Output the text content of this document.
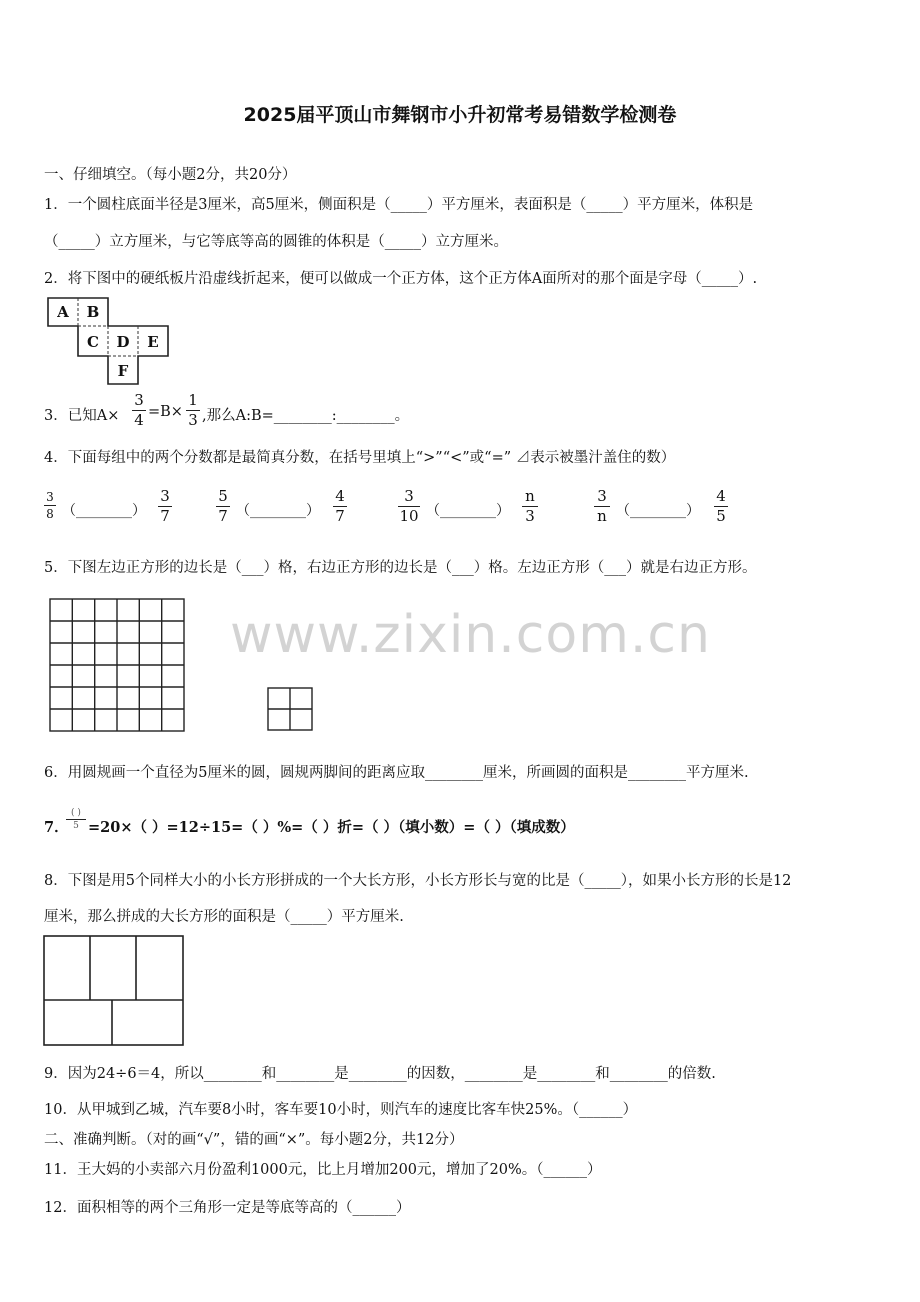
2025届平顶山市舞钢市小升初常考易错数学检测卷
一、仔细填空。（每小题2分，共20分）
1．一个圆柱底面半径是3厘米，高5厘米，侧面积是（_____）平方厘米，表面积是（_____）平方厘米，体积是
（_____）立方厘米，与它等底等高的圆锥的体积是（_____）立方厘米。
2．将下图中的硬纸板片沿虚线折起来，便可以做成一个正方体，这个正方体A面所对的那个面是字母（_____）.
A B
C D E
F
3．已知A×
3
4 =B×
1
3 ,那么A:B=________:________。
4．下面每组中的两个分数都是最简真分数，在括号里填上“>”“<”或“=” ⊿表示被墨汁盖住的数）
3
8 （________）
3
7
5
7 （________）
4
7
3
10 （________）
n
3
3
n （________）
4
5
5．下图左边正方形的边长是（___）格，右边正方形的边长是（___）格。左边正方形（___）就是右边正方形。
www.zixin.com.cn
6．用圆规画一个直径为5厘米的圆，圆规两脚间的距离应取________厘米，所画圆的面积是________平方厘米.
7．
( )
5 =20×（ ）=12÷15=（ ）%=（ ）折=（ ）（填小数）=（ ）（填成数）
8．下图是用5个同样大小的小长方形拼成的一个大长方形，小长方形长与宽的比是（_____），如果小长方形的长是12
厘米，那么拼成的大长方形的面积是（_____）平方厘米.
9．因为24÷6＝4，所以________和________是________的因数，________是________和________的倍数.
10．从甲城到乙城，汽车要8小时，客车要10小时，则汽车的速度比客车快25%。（______）
二、准确判断。（对的画“√”，错的画“×”。每小题2分，共12分）
11．王大妈的小卖部六月份盈利1000元，比上月增加200元，增加了20%。（______）
12．面积相等的两个三角形一定是等底等高的（______）
